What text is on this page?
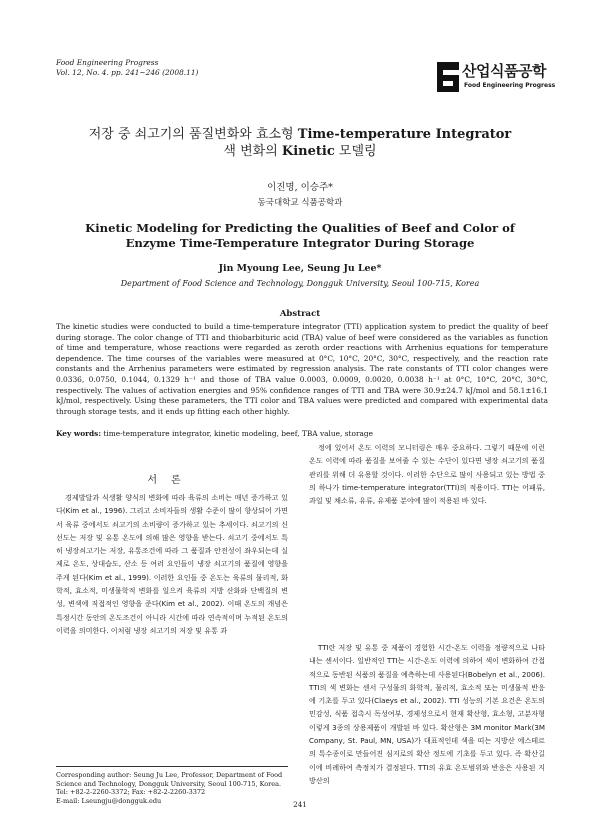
Food Engineering Progress
Vol. 12, No. 4. pp. 241~246 (2008.11)	산업식품공학
Food Engineering Progress
저장 중 쇠고기의 품질변화와 효소형 Time-temperature Integrator
색 변화의 Kinetic 모델링
이진명, 이승주*
동국대학교 식품공학과
Kinetic Modeling for Predicting the Qualities of Beef and Color of
Enzyme Time-Temperature Integrator During Storage
Jin Myoung Lee, Seung Ju Lee*
Department of Food Science and Technology, Dongguk University, Seoul 100-715, Korea
Abstract
The kinetic studies were conducted to build a time-temperature integrator (TTI) application system to predict the quality of beef during storage. The color change of TTI and thiobarbituric acid (TBA) value of beef were considered as the variables as function of time and temperature, whose reactions were regarded as zeroth order reactions with Arrhenius equations for temperature dependence. The time courses of the variables were measured at 0°C, 10°C, 20°C, 30°C, respectively, and the reaction rate constants and the Arrhenius parameters were estimated by regression analysis. The rate constants of TTI color changes were 0.0336, 0.0750, 0.1044, 0.1329 h⁻¹ and those of TBA value 0.0003, 0.0009, 0.0020, 0.0038 h⁻¹ at 0°C, 10°C, 20°C, 30°C, respectively. The values of activation energies and 95% confidence ranges of TTI and TBA were 30.9±24.7 kJ/mol and 58.1±16.1 kJ/mol, respectively. Using these parameters, the TTI color and TBA values were predicted and compared with experimental data through storage tests, and it ends up fitting each other highly.
Key words: time-temperature integrator, kinetic modeling, beef, TBA value, storage
서론
경제발달과 식생활 양식의 변화에 따라 육류의 소비는 매년 증가하고 있다(Kim et al., 1996). 그리고 소비자들의 생활 수준이 많이 향상되어 가면서 육류 중에서도 쇠고기의 소비량이 증가하고 있는 추세이다. 쇠고기의 신선도는 저장 및 유통 온도에 의해 많은 영향을 받는다. 쇠고기 중에서도 특히 냉장쇠고기는 저장, 유통조건에 따라 그 품질과 안전성이 좌우되는데 실제로 온도, 상대습도, 산소 등 여러 요인들이 냉장 쇠고기의 품질에 영향을 주게 된다(Kim et al., 1999). 이러한 요인들 중 온도는 육류의 물리적, 화학적, 효소적, 미생물학적 변화를 일으켜 육류의 지방 산화와 단백질의 변성, 변색에 직접적인 영향을 준다(Kim et al., 2002). 이때 온도의 개념은 특정시간 동안의 온도조건이 아니라 시간에 따라 연속적이며 누적된 온도의 이력을 의미한다. 이처럼 냉장 쇠고기의 저장 및 유통 과
정에 있어서 온도 이력의 모니터링은 매우 중요하다. 그렇기 때문에 이런 온도 이력에 따라 품질을 보여줄 수 있는 수단이 있다면 냉장 쇠고기의 품질관리를 위해 더 유용할 것이다. 이러한 수단으로 많이 사용되고 있는 방법 중의 하나가 time-temperature integrator(TTI)의 적용이다. TTI는 어패류, 과일 및 채소류, 유류, 유제품 분야에 많이 적용된 바 있다.
TTI란 저장 및 유통 중 제품이 경험한 시간-온도 이력을 정량적으로 나타내는 센서이다. 일반적인 TTI는 시간-온도 이력에 의하여 색이 변화하여 간접적으로 동반된 식품의 품질을 예측하는데 사용된다(Bobelyn et al., 2006). TTI의 색 변화는 센서 구성물의 화학적, 물리적, 효소적 또는 미생물적 반응에 기초를 두고 있다(Claeys et al., 2002). TTI 성능의 기본 요건은 온도의 민감성, 식품 접촉시 독성여부, 경제성으로서 현재 확산형, 효소형, 고분자형 이렇게 3종의 상용제품이 개발된 바 있다. 확산형은 3M monitor Mark(3M Company, St. Paul, MN, USA)가 대표적인데 색을 띠는 지방산 에스테르의 특수종이로 만들어진 심지로의 확산 정도에 기초를 두고 있다. 즉 확산길이에 비례하여 측정치가 결정된다. TTI의 유효 온도범위와 반응은 사용된 지방산의
Corresponding author: Seung Ju Lee, Professor, Department of Food
Science and Technology, Dongguk University, Seoul 100-715, Korea.
Tel: +82-2-2260-3372; Fax: +82-2-2260-3372
E-mail: Lseungju@dongguk.edu	241
